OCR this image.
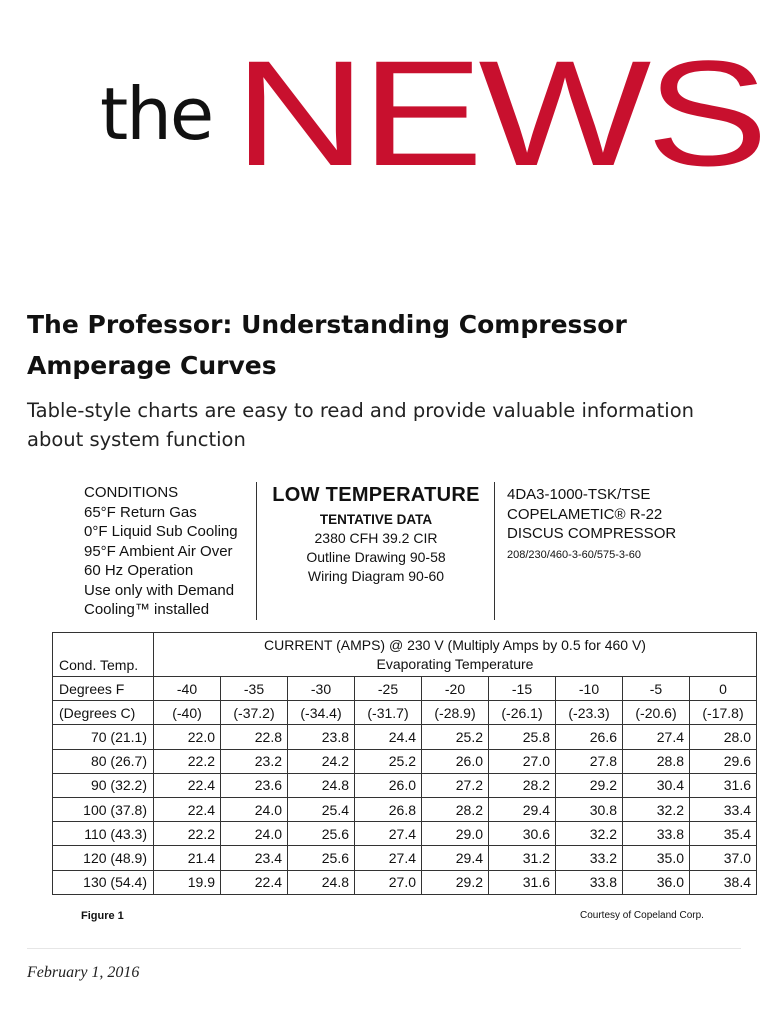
the NEWS
The Professor: Understanding Compressor Amperage Curves

Table-style charts are easy to read and provide valuable information about system function

CONDITIONS
65°F Return Gas
0°F Liquid Sub Cooling
95°F Ambient Air Over
60 Hz Operation
Use only with Demand
Cooling™ installed
LOW TEMPERATURE
TENTATIVE DATA
2380 CFH 39.2 CIR
Outline Drawing 90-58
Wiring Diagram 90-60
4DA3-1000-TSK/TSE
COPELAMETIC® R-22
DISCUS COMPRESSOR
208/230/460-3-60/575-3-60
Cond. Temp.	CURRENT (AMPS) @ 230 V (Multiply Amps by 0.5 for 460 V)
Evaporating Temperature								

Degrees F	-40	-35	-30	-25	-20	-15	-10	-5	0
(Degrees C)	(-40)	(-37.2)	(-34.4)	(-31.7)	(-28.9)	(-26.1)	(-23.3)	(-20.6)	(-17.8)
70 (21.1)	22.0	22.8	23.8	24.4	25.2	25.8	26.6	27.4	28.0
80 (26.7)	22.2	23.2	24.2	25.2	26.0	27.0	27.8	28.8	29.6
90 (32.2)	22.4	23.6	24.8	26.0	27.2	28.2	29.2	30.4	31.6
100 (37.8)	22.4	24.0	25.4	26.8	28.2	29.4	30.8	32.2	33.4
110 (43.3)	22.2	24.0	25.6	27.4	29.0	30.6	32.2	33.8	35.4
120 (48.9)	21.4	23.4	25.6	27.4	29.4	31.2	33.2	35.0	37.0
130 (54.4)	19.9	22.4	24.8	27.0	29.2	31.6	33.8	36.0	38.4
Figure 1	Courtesy of Copeland Corp.
February 1, 2016
